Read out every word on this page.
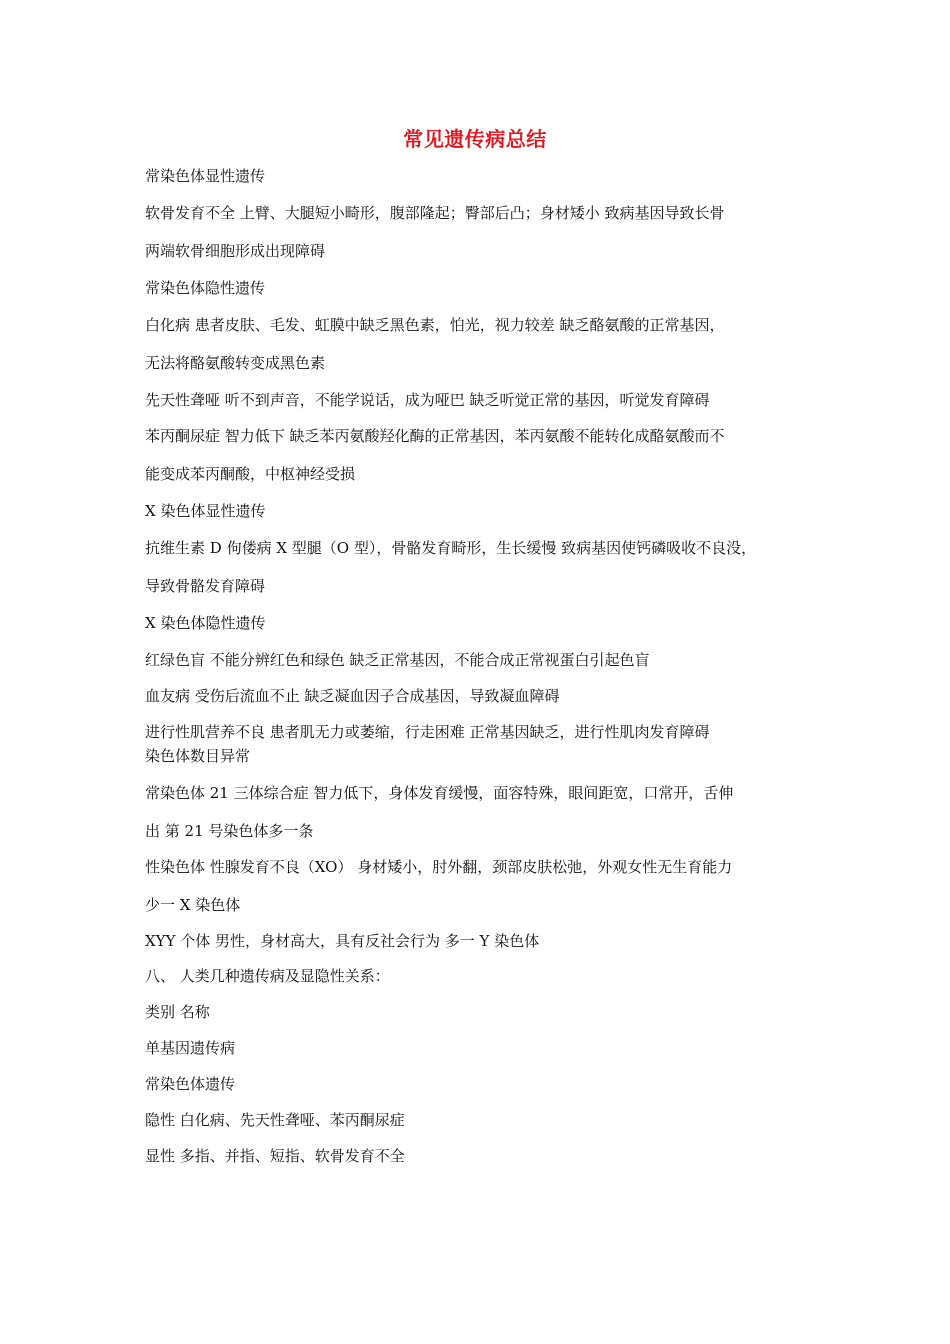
常见遗传病总结
常染色体显性遗传
软骨发育不全 上臂、大腿短小畸形，腹部隆起；臀部后凸；身材矮小 致病基因导致长骨
两端软骨细胞形成出现障碍
常染色体隐性遗传
白化病 患者皮肤、毛发、虹膜中缺乏黑色素，怕光，视力较差 缺乏酪氨酸的正常基因，
无法将酪氨酸转变成黑色素
先天性聋哑 听不到声音，不能学说话，成为哑巴 缺乏听觉正常的基因，听觉发育障碍
苯丙酮尿症 智力低下 缺乏苯丙氨酸羟化酶的正常基因，苯丙氨酸不能转化成酪氨酸而不
能变成苯丙酮酸，中枢神经受损
X 染色体显性遗传
抗维生素 D 佝偻病 X 型腿（O 型），骨骼发育畸形，生长缓慢 致病基因使钙磷吸收不良没，
导致骨骼发育障碍
X 染色体隐性遗传
红绿色盲 不能分辨红色和绿色 缺乏正常基因，不能合成正常视蛋白引起色盲
血友病 受伤后流血不止 缺乏凝血因子合成基因，导致凝血障碍
进行性肌营养不良 患者肌无力或萎缩，行走困难 正常基因缺乏，进行性肌肉发育障碍
染色体数目异常
常染色体 21 三体综合症 智力低下，身体发育缓慢，面容特殊，眼间距宽，口常开，舌伸
出 第 21 号染色体多一条
性染色体 性腺发育不良（XO） 身材矮小，肘外翻，颈部皮肤松弛，外观女性无生育能力
少一 X 染色体
XYY 个体 男性，身材高大，具有反社会行为 多一 Y 染色体
八、 人类几种遗传病及显隐性关系：
类别 名称
单基因遗传病
常染色体遗传
隐性 白化病、先天性聋哑、苯丙酮尿症
显性 多指、并指、短指、软骨发育不全
